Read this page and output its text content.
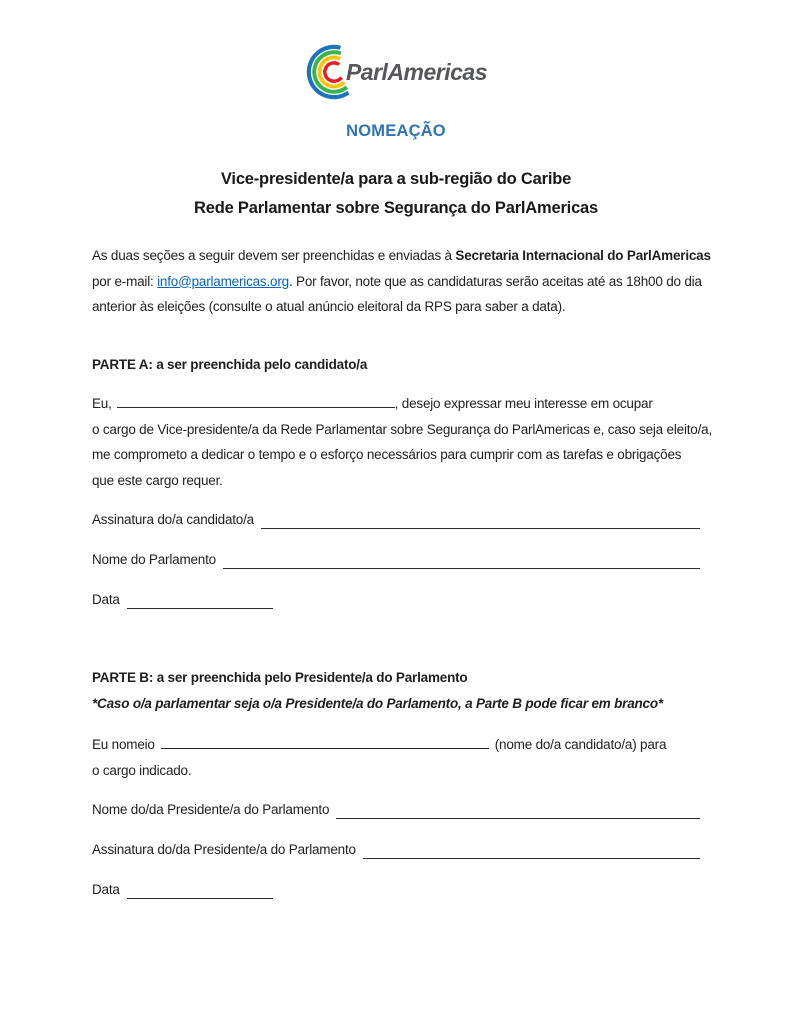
ParlAmericas
NOMEAÇÃO
Vice-presidente/a para a sub-região do Caribe
Rede Parlamentar sobre Segurança do ParlAmericas

As duas seções a seguir devem ser preenchidas e enviadas à Secretaria Internacional do ParlAmericas
por e-mail: info@parlamericas.org. Por favor, note que as candidaturas serão aceitas até as 18h00 do dia
anterior às eleições (consulte o atual anúncio eleitoral da RPS para saber a data).

PARTE A: a ser preenchida pelo candidato/a

Eu,	, desejo expressar meu interesse em ocupar
o cargo de Vice-presidente/a da Rede Parlamentar sobre Segurança do ParlAmericas e, caso seja eleito/a,
me comprometo a dedicar o tempo e o esforço necessários para cumprir com as tarefas e obrigações
que este cargo requer.

Assinatura do/a candidato/a
Nome do Parlamento
Data
PARTE B: a ser preenchida pelo Presidente/a do Parlamento
*Caso o/a parlamentar seja o/a Presidente/a do Parlamento, a Parte B pode ficar em branco*

Eu nomeio	(nome do/a candidato/a) para
o cargo indicado.

Nome do/da Presidente/a do Parlamento
Assinatura do/da Presidente/a do Parlamento
Data
